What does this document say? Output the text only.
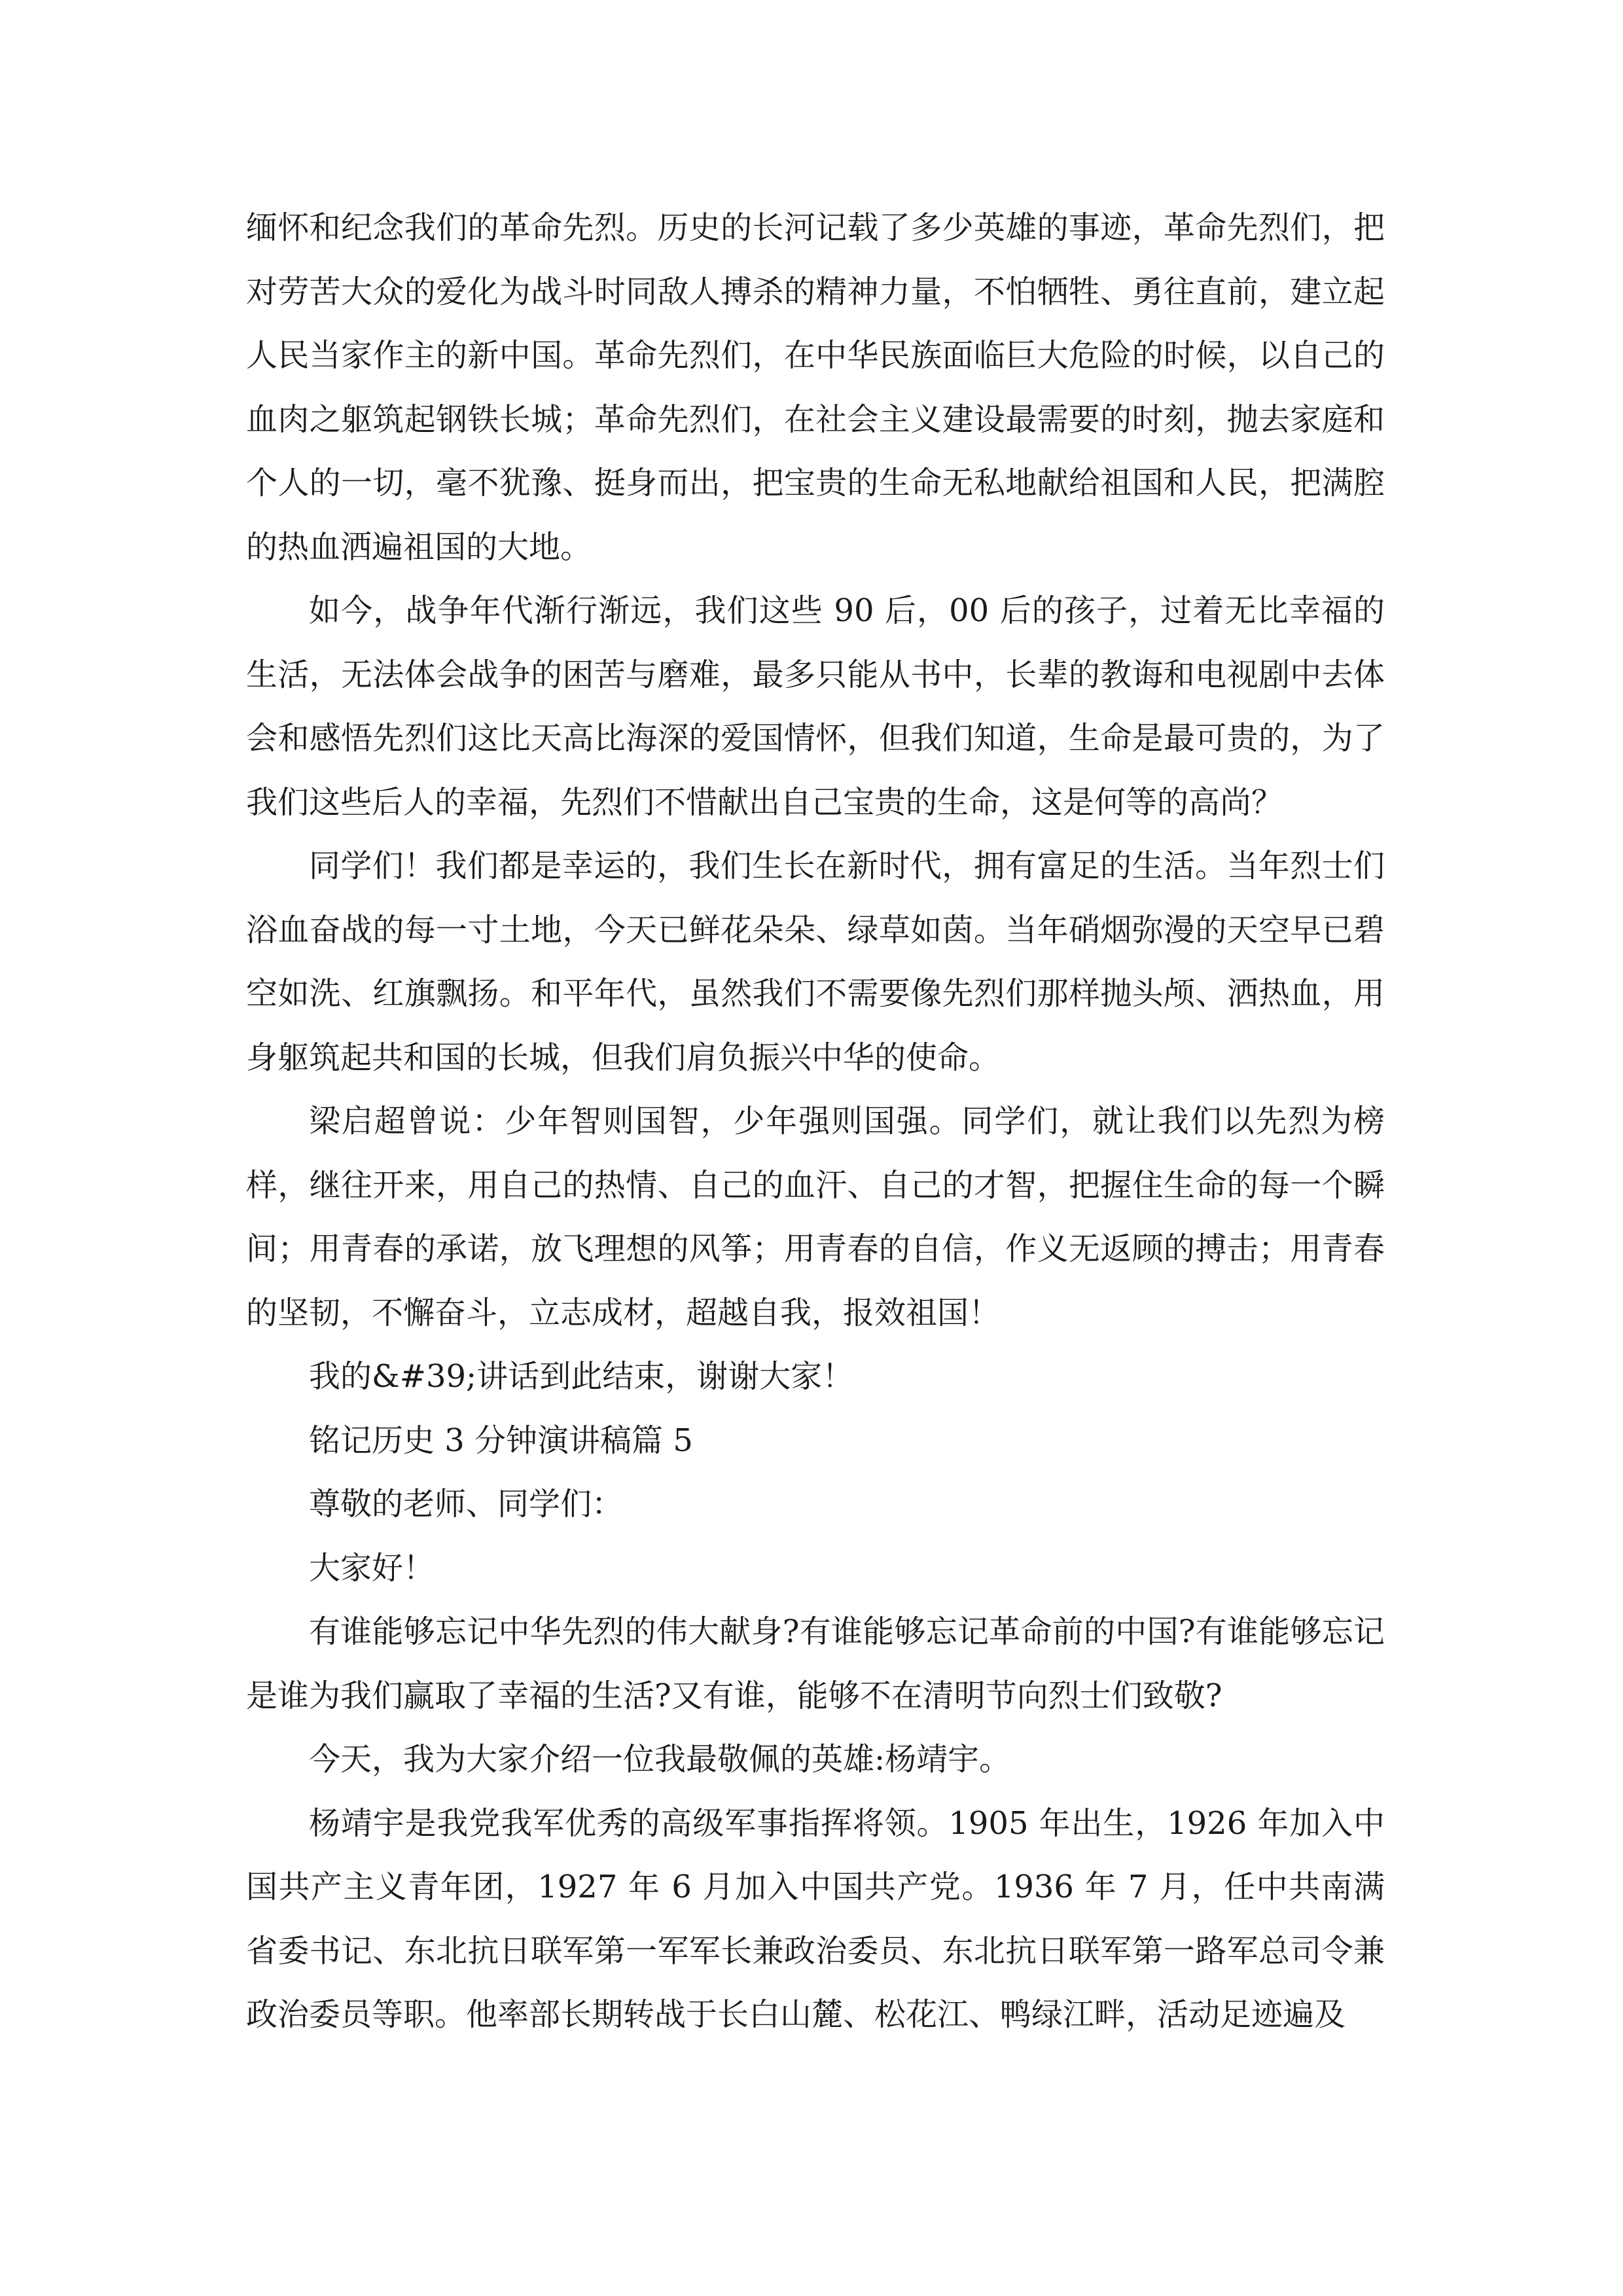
缅怀和纪念我们的革命先烈。历史的长河记载了多少英雄的事迹，革命先烈们，把对劳苦大众的爱化为战斗时同敌人搏杀的精神力量，不怕牺牲、勇往直前，建立起人民当家作主的新中国。革命先烈们，在中华民族面临巨大危险的时候，以自己的血肉之躯筑起钢铁长城；革命先烈们，在社会主义建设最需要的时刻，抛去家庭和个人的一切，毫不犹豫、挺身而出，把宝贵的生命无私地献给祖国和人民，把满腔的热血洒遍祖国的大地。

如今，战争年代渐行渐远，我们这些 90 后，00 后的孩子，过着无比幸福的生活，无法体会战争的困苦与磨难，最多只能从书中，长辈的教诲和电视剧中去体会和感悟先烈们这比天高比海深的爱国情怀，但我们知道，生命是最可贵的，为了我们这些后人的幸福，先烈们不惜献出自己宝贵的生命，这是何等的高尚？

同学们！我们都是幸运的，我们生长在新时代，拥有富足的生活。当年烈士们浴血奋战的每一寸土地，今天已鲜花朵朵、绿草如茵。当年硝烟弥漫的天空早已碧空如洗、红旗飘扬。和平年代，虽然我们不需要像先烈们那样抛头颅、洒热血，用身躯筑起共和国的长城，但我们肩负振兴中华的使命。

梁启超曾说：少年智则国智，少年强则国强。同学们，就让我们以先烈为榜样，继往开来，用自己的热情、自己的血汗、自己的才智，把握住生命的每一个瞬间；用青春的承诺，放飞理想的风筝；用青春的自信，作义无返顾的搏击；用青春的坚韧，不懈奋斗，立志成材，超越自我，报效祖国！

我的&#39;讲话到此结束，谢谢大家！

铭记历史 3 分钟演讲稿篇 5

尊敬的老师、同学们：

大家好！

有谁能够忘记中华先烈的伟大献身?有谁能够忘记革命前的中国?有谁能够忘记是谁为我们赢取了幸福的生活?又有谁，能够不在清明节向烈士们致敬?

今天，我为大家介绍一位我最敬佩的英雄:杨靖宇。

杨靖宇是我党我军优秀的高级军事指挥将领。1905 年出生，1926 年加入中国共产主义青年团，1927 年 6 月加入中国共产党。1936 年 7 月，任中共南满省委书记、东北抗日联军第一军军长兼政治委员、东北抗日联军第一路军总司令兼政治委员等职。他率部长期转战于长白山麓、松花江、鸭绿江畔，活动足迹遍及
